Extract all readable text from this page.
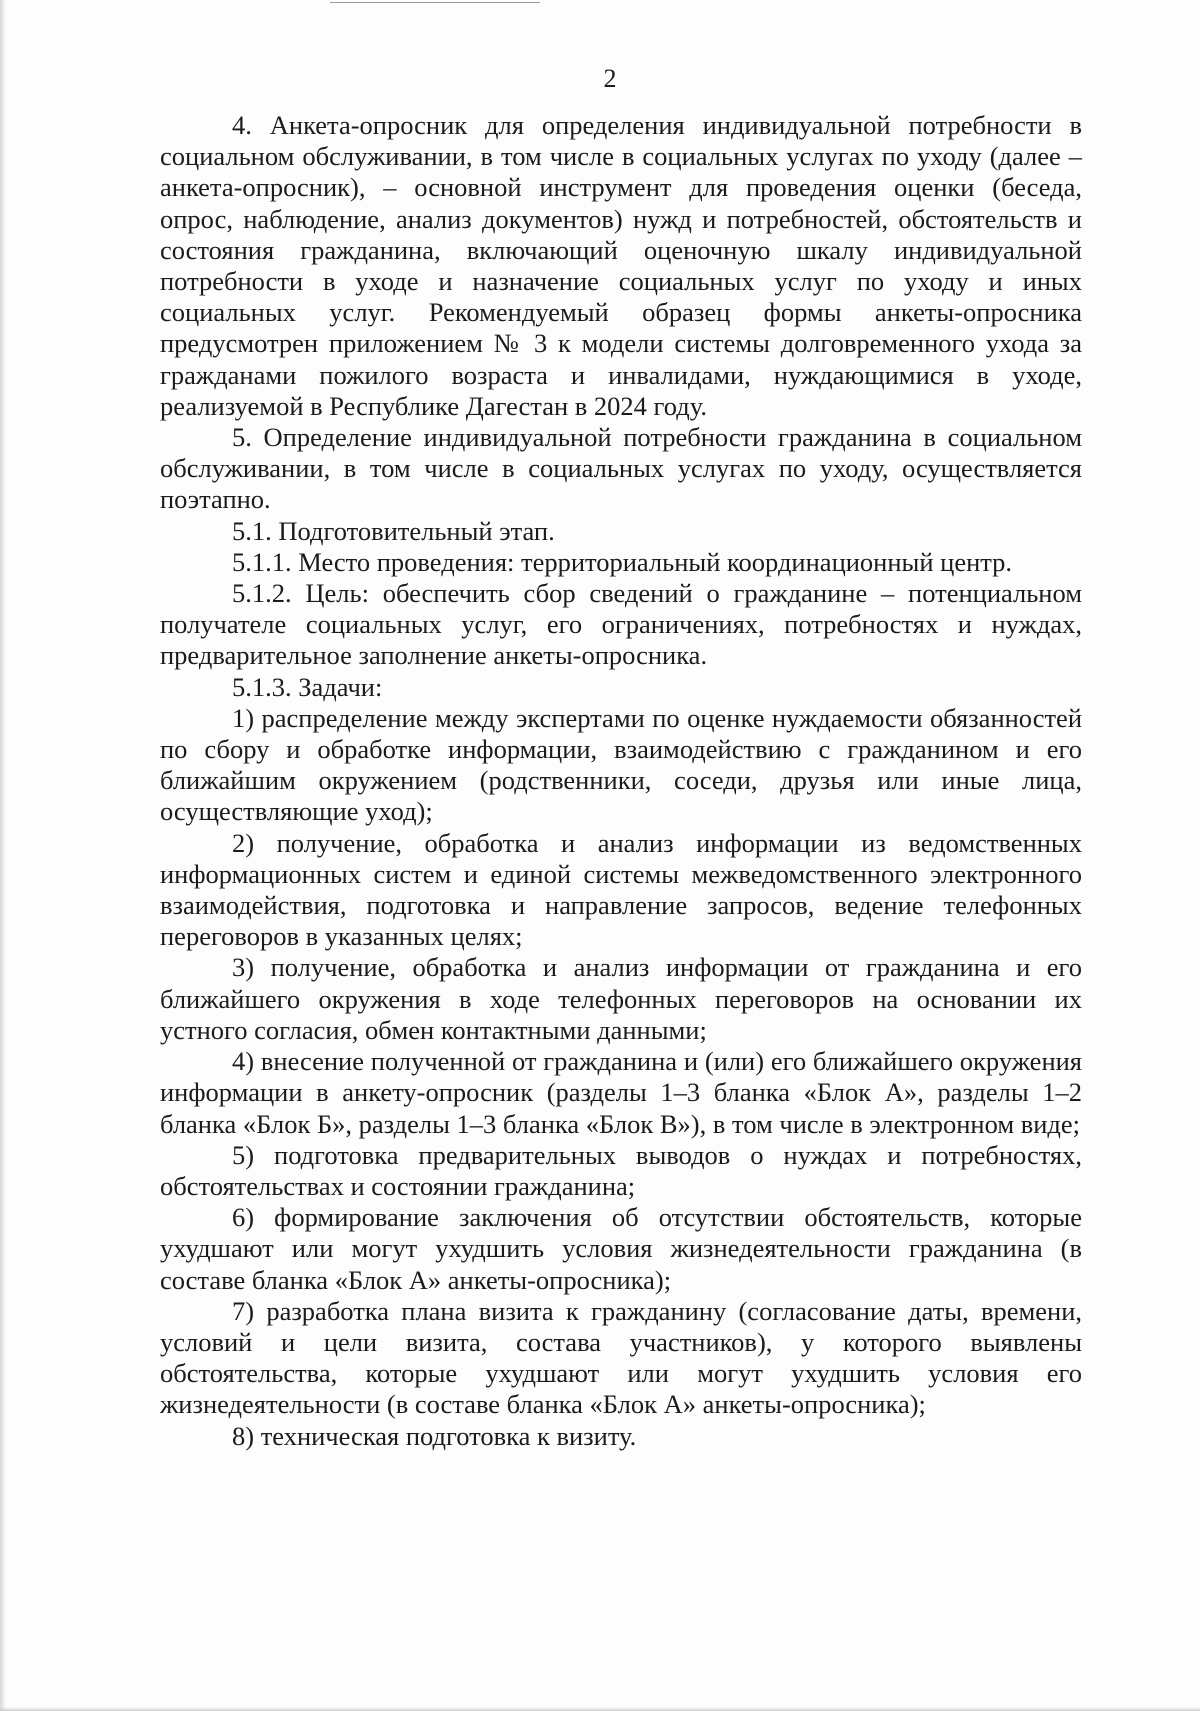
2

4. Анкета-опросник для определения индивидуальной потребности в социальном обслуживании, в том числе в социальных услугах по уходу (далее – анкета-опросник), – основной инструмент для проведения оценки (беседа, опрос, наблюдение, анализ документов) нужд и потребностей, обстоятельств и состояния гражданина, включающий оценочную шкалу индивидуальной потребности в уходе и назначение социальных услуг по уходу и иных социальных услуг. Рекомендуемый образец формы анкеты-опросника предусмотрен приложением № 3 к модели системы долговременного ухода за гражданами пожилого возраста и инвалидами, нуждающимися в уходе, реализуемой в Республике Дагестан в 2024 году.

5. Определение индивидуальной потребности гражданина в социальном обслуживании, в том числе в социальных услугах по уходу, осуществляется поэтапно.

5.1. Подготовительный этап.

5.1.1. Место проведения: территориальный координационный центр.

5.1.2. Цель: обеспечить сбор сведений о гражданине – потенциальном получателе социальных услуг, его ограничениях, потребностях и нуждах, предварительное заполнение анкеты-опросника.

5.1.3. Задачи:

1) распределение между экспертами по оценке нуждаемости обязанностей по сбору и обработке информации, взаимодействию с гражданином и его ближайшим окружением (родственники, соседи, друзья или иные лица, осуществляющие уход);

2) получение, обработка и анализ информации из ведомственных информационных систем и единой системы межведомственного электронного взаимодействия, подготовка и направление запросов, ведение телефонных переговоров в указанных целях;

3) получение, обработка и анализ информации от гражданина и его ближайшего окружения в ходе телефонных переговоров на основании их устного согласия, обмен контактными данными;

4) внесение полученной от гражданина и (или) его ближайшего окружения информации в анкету-опросник (разделы 1–3 бланка «Блок А», разделы 1–2 бланка «Блок Б», разделы 1–3 бланка «Блок В»), в том числе в электронном виде;

5) подготовка предварительных выводов о нуждах и потребностях, обстоятельствах и состоянии гражданина;

6) формирование заключения об отсутствии обстоятельств, которые ухудшают или могут ухудшить условия жизнедеятельности гражданина (в составе бланка «Блок А» анкеты-опросника);

7) разработка плана визита к гражданину (согласование даты, времени, условий и цели визита, состава участников), у которого выявлены обстоятельства, которые ухудшают или могут ухудшить условия его жизнедеятельности (в составе бланка «Блок А» анкеты-опросника);

8) техническая подготовка к визиту.
